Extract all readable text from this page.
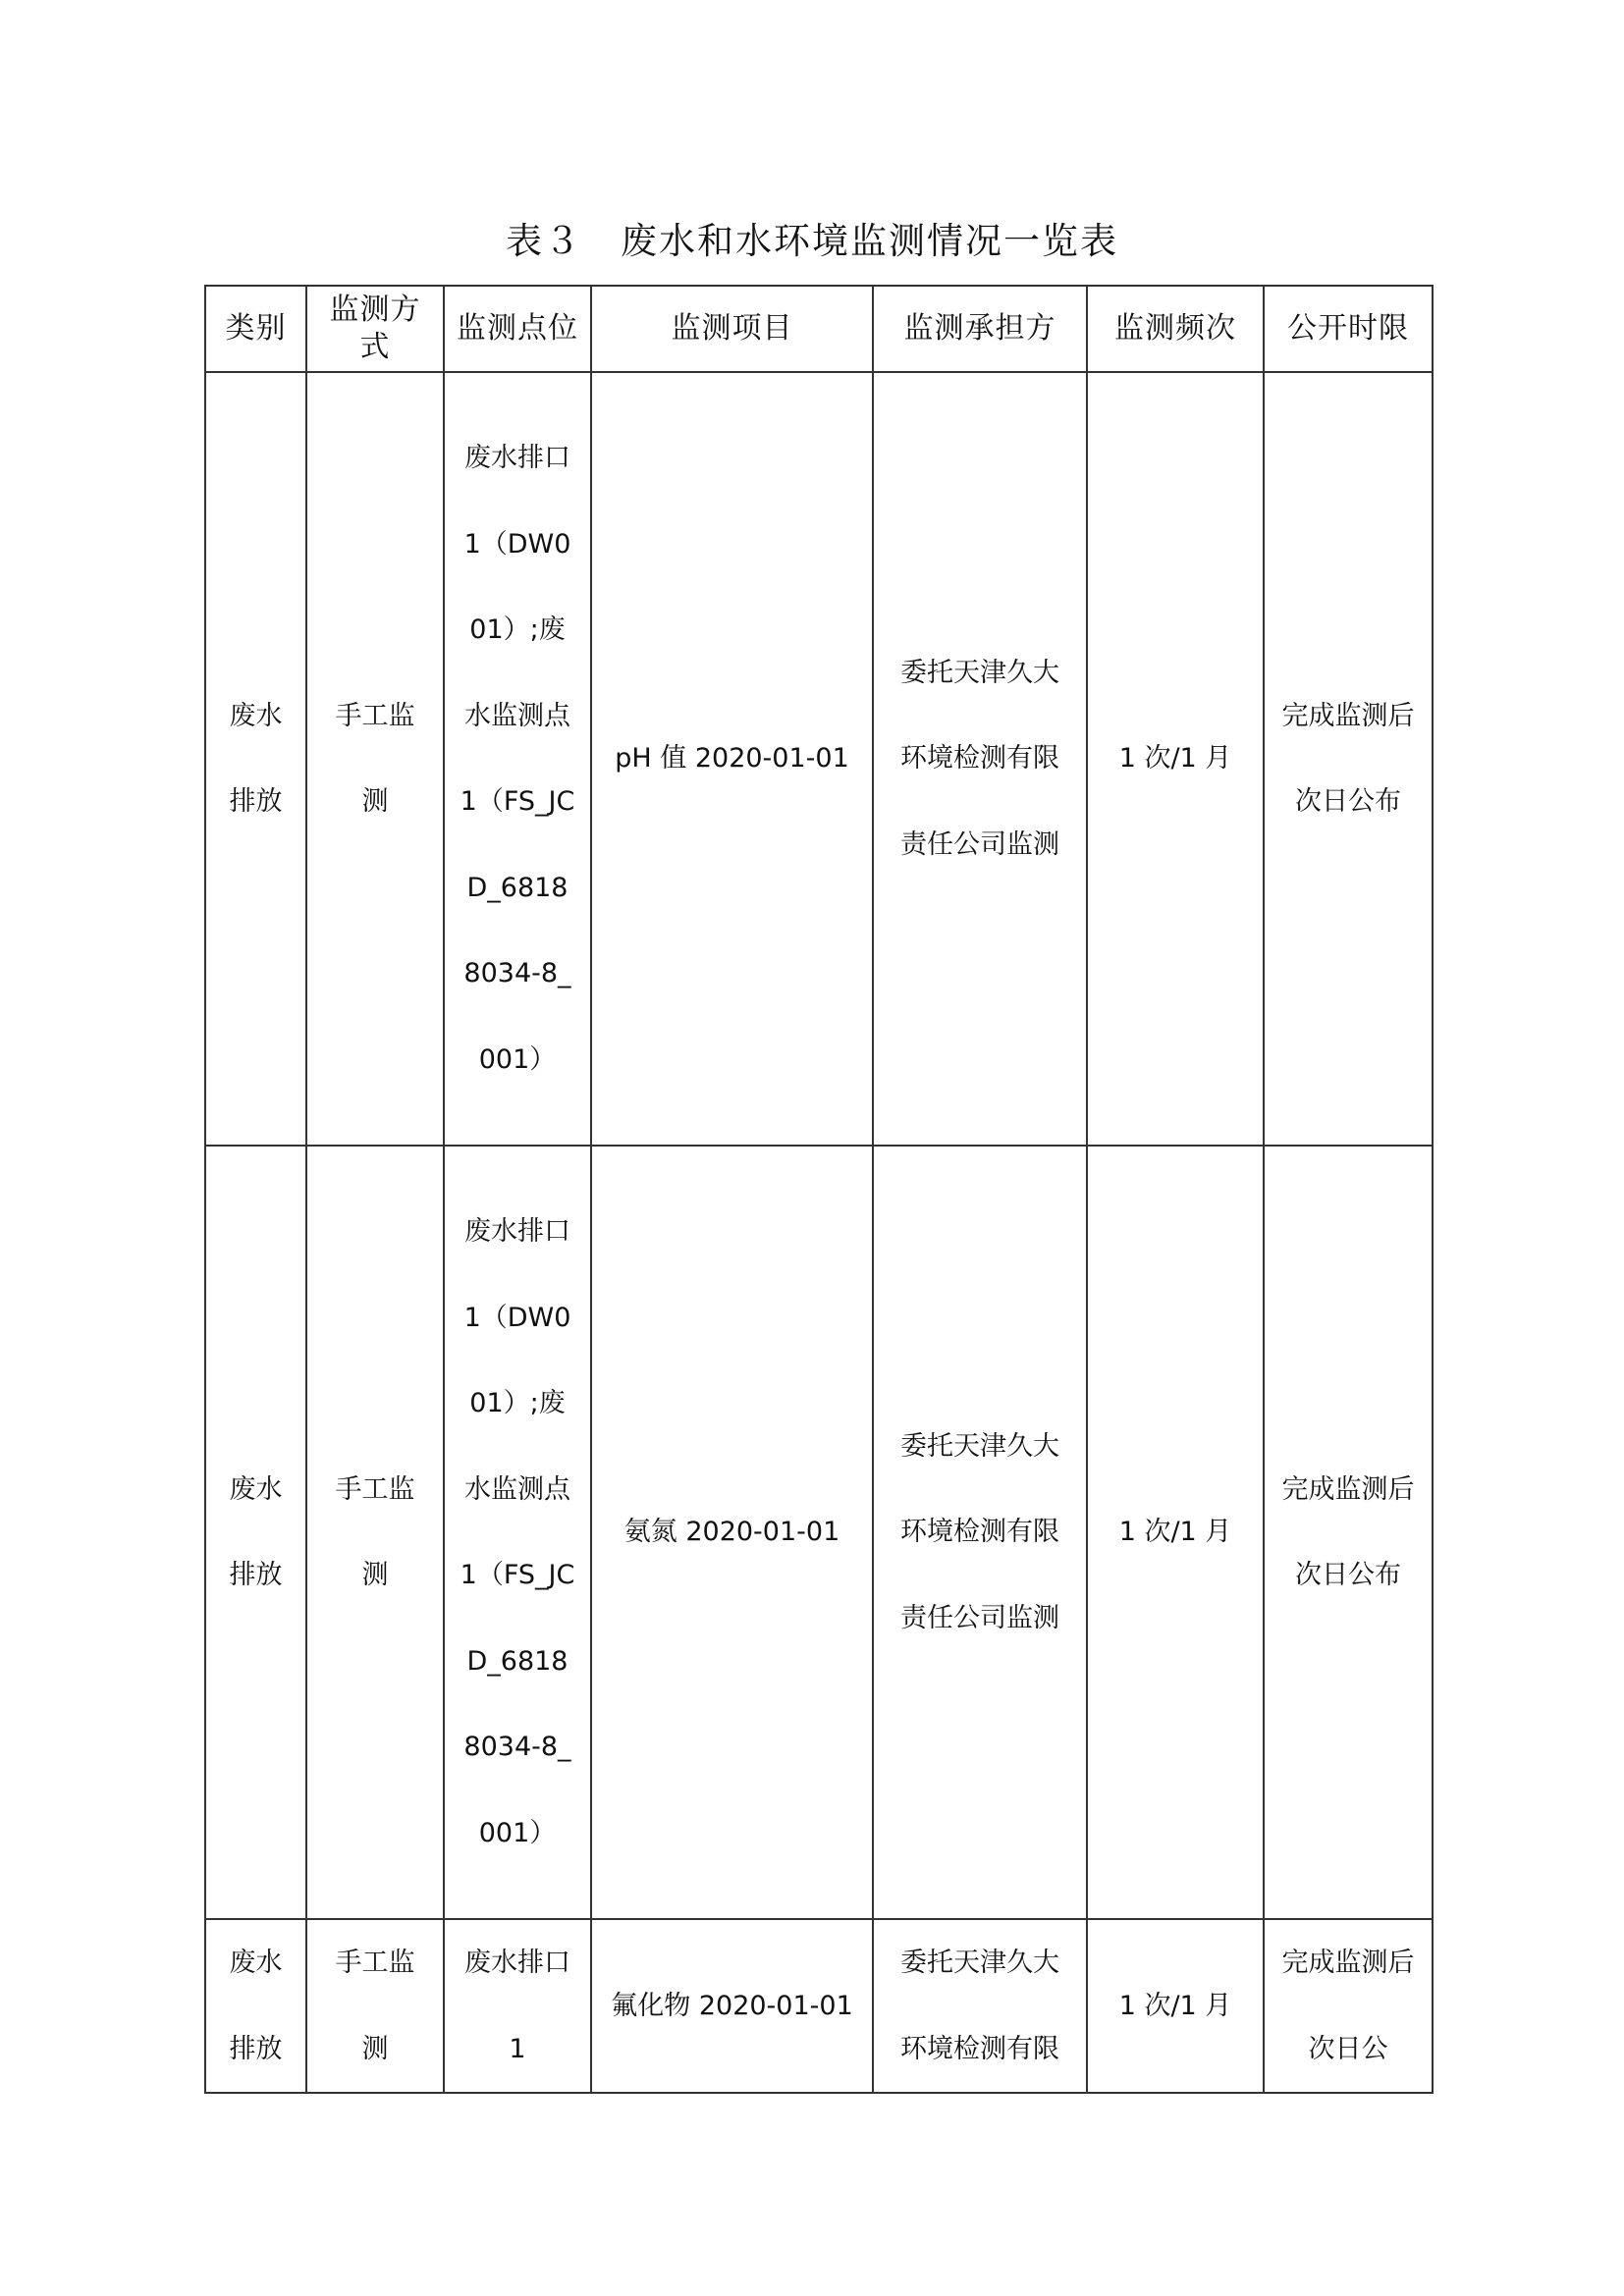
表３　废水和水环境监测情况一览表
类别	监测方式	监测点位	监测项目	监测承担方	监测频次	公开时限

废水排放	手工监测	废水排口1（DW001）;废水监测点1（FS_JCD_68188034-8_001）	pH 值 2020-01-01	委托天津久大环境检测有限责任公司监测	1 次/1 月	完成监测后次日公布

废水排放	手工监测	废水排口1（DW001）;废水监测点1（FS_JCD_68188034-8_001）	氨氮 2020-01-01	委托天津久大环境检测有限责任公司监测	1 次/1 月	完成监测后次日公布

废水排放	手工监测	废水排口1	氟化物 2020-01-01	委托天津久大环境检测有限	1 次/1 月	完成监测后次日公
